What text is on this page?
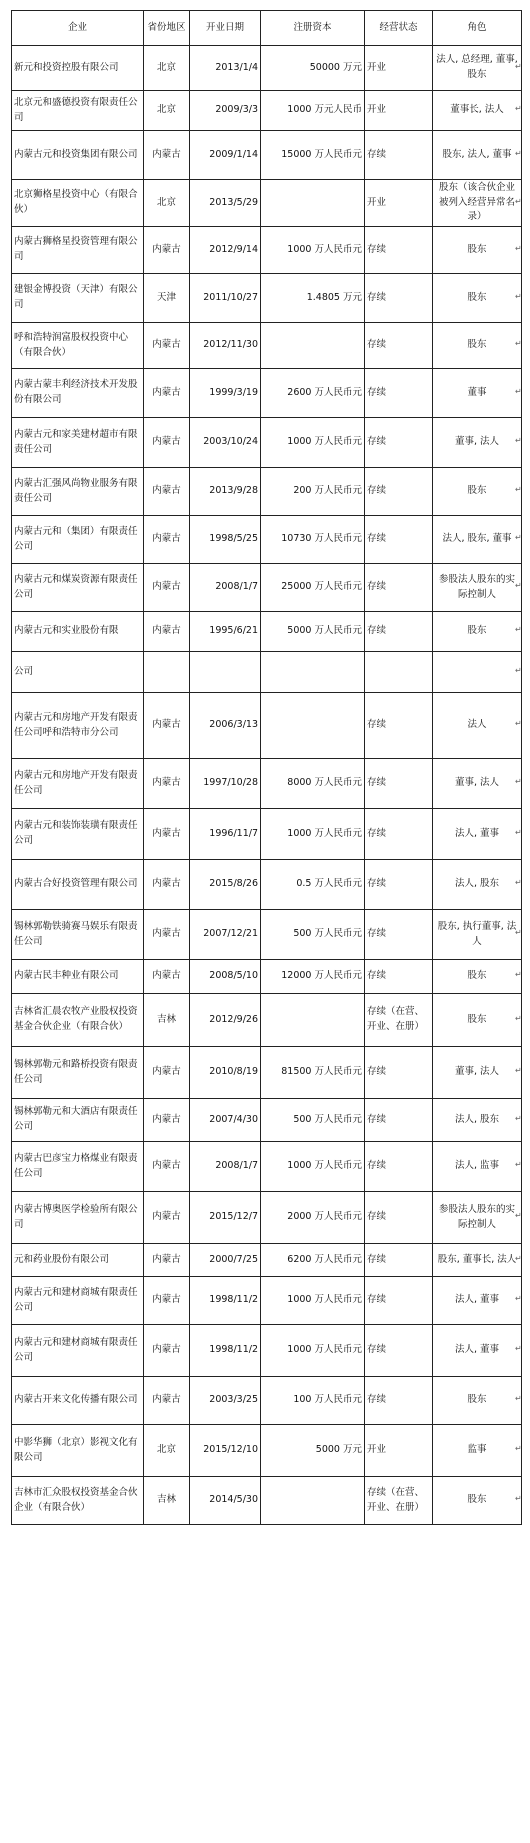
企业	省份地区	开业日期	注册资本	经营状态	角色
新元和投资控股有限公司	北京	2013/1/4	50000 万元	开业	法人, 总经理, 董事, 股东
北京元和盛德投资有限责任公司	北京	2009/3/3	1000 万元人民币	开业	董事长, 法人
内蒙古元和投资集团有限公司	内蒙古	2009/1/14	15000 万人民币元	存续	股东, 法人, 董事
北京狮格星投资中心（有限合伙）	北京	2013/5/29		开业	股东（该合伙企业被列入经营异常名录）
内蒙古狮格星投资管理有限公司	内蒙古	2012/9/14	1000 万人民币元	存续	股东
建银金博投资（天津）有限公司	天津	2011/10/27	1.4805 万元	存续	股东
呼和浩特润富股权投资中心（有限合伙）	内蒙古	2012/11/30		存续	股东
内蒙古蒙丰利经济技术开发股份有限公司	内蒙古	1999/3/19	2600 万人民币元	存续	董事
内蒙古元和家美建材超市有限责任公司	内蒙古	2003/10/24	1000 万人民币元	存续	董事, 法人
内蒙古汇强风尚物业服务有限责任公司	内蒙古	2013/9/28	200 万人民币元	存续	股东
内蒙古元和（集团）有限责任公司	内蒙古	1998/5/25	10730 万人民币元	存续	法人, 股东, 董事
内蒙古元和煤炭资源有限责任公司	内蒙古	2008/1/7	25000 万人民币元	存续	参股法人股东的实际控制人
内蒙古元和实业股份有限	内蒙古	1995/6/21	5000 万人民币元	存续	股东
公司					
内蒙古元和房地产开发有限责任公司呼和浩特市分公司	内蒙古	2006/3/13		存续	法人
内蒙古元和房地产开发有限责任公司	内蒙古	1997/10/28	8000 万人民币元	存续	董事, 法人
内蒙古元和装饰装璜有限责任公司	内蒙古	1996/11/7	1000 万人民币元	存续	法人, 董事
内蒙古合好投资管理有限公司	内蒙古	2015/8/26	0.5 万人民币元	存续	法人, 股东
锡林郭勒铁骑赛马娱乐有限责任公司	内蒙古	2007/12/21	500 万人民币元	存续	股东, 执行董事, 法人
内蒙古民丰种业有限公司	内蒙古	2008/5/10	12000 万人民币元	存续	股东
吉林省汇晨农牧产业股权投资基金合伙企业（有限合伙）	吉林	2012/9/26		存续（在营、开业、在册）	股东
锡林郭勒元和路桥投资有限责任公司	内蒙古	2010/8/19	81500 万人民币元	存续	董事, 法人
锡林郭勒元和大酒店有限责任公司	内蒙古	2007/4/30	500 万人民币元	存续	法人, 股东
内蒙古巴彦宝力格煤业有限责任公司	内蒙古	2008/1/7	1000 万人民币元	存续	法人, 监事
内蒙古博奥医学检验所有限公司	内蒙古	2015/12/7	2000 万人民币元	存续	参股法人股东的实际控制人
元和药业股份有限公司	内蒙古	2000/7/25	6200 万人民币元	存续	股东, 董事长, 法人
内蒙古元和建材商城有限责任公司	内蒙古	1998/11/2	1000 万人民币元	存续	法人, 董事
内蒙古元和建材商城有限责任公司	内蒙古	1998/11/2	1000 万人民币元	存续	法人, 董事
内蒙古开来文化传播有限公司	内蒙古	2003/3/25	100 万人民币元	存续	股东
中影华狮（北京）影视文化有限公司	北京	2015/12/10	5000 万元	开业	监事
吉林市汇众股权投资基金合伙企业（有限合伙）	吉林	2014/5/30		存续（在营、开业、在册）	股东
↵
↵
↵
↵
↵
↵
↵
↵
↵
↵
↵
↵
↵
↵
↵
↵
↵
↵
↵
↵
↵
↵
↵
↵
↵
↵
↵
↵
↵
↵
↵
